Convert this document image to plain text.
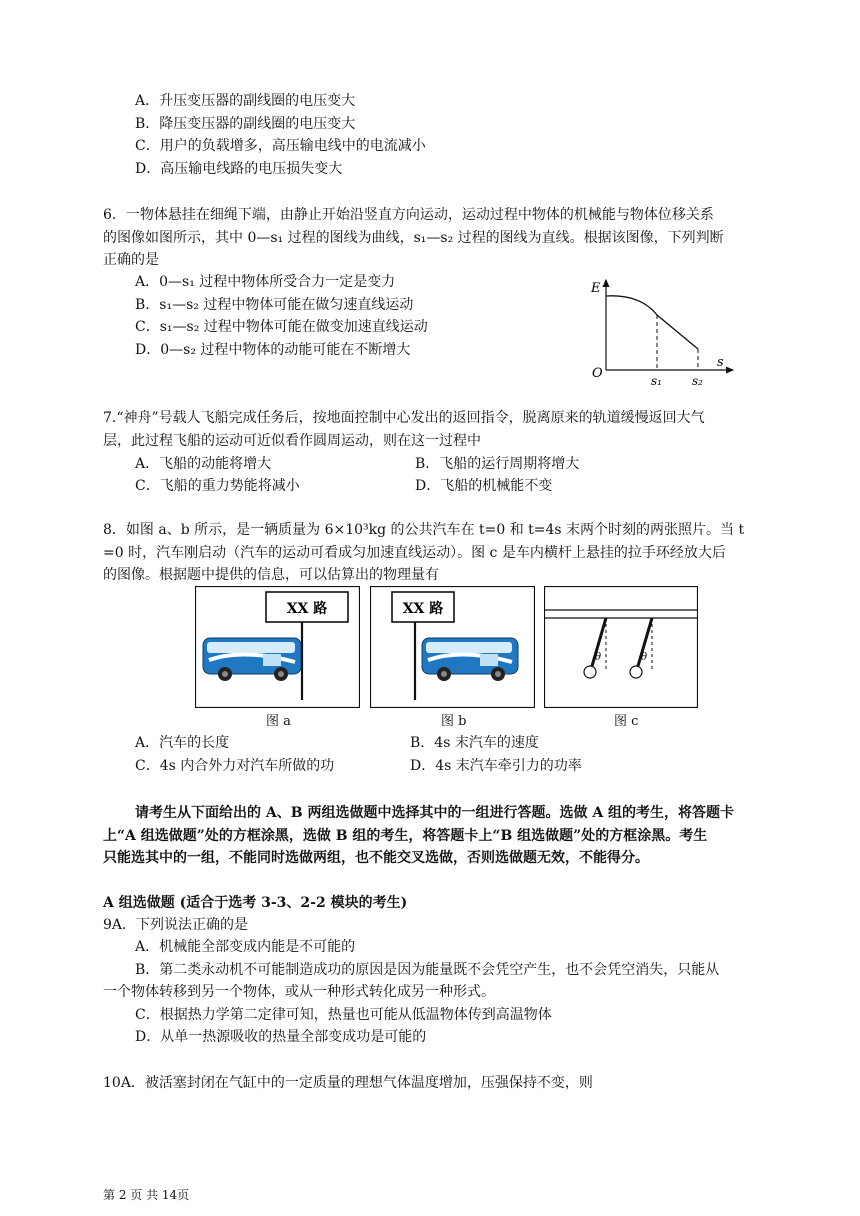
A．升压变压器的副线圈的电压变大
B．降压变压器的副线圈的电压变大
C．用户的负载增多，高压输电线中的电流减小
D．高压输电线路的电压损失变大
6．一物体悬挂在细绳下端，由静止开始沿竖直方向运动，运动过程中物体的机械能与物体位移关系
的图像如图所示，其中 0—s₁ 过程的图线为曲线，s₁—s₂ 过程的图线为直线。根据该图像，下列判断
正确的是
A．0—s₁ 过程中物体所受合力一定是变力
B．s₁—s₂ 过程中物体可能在做匀速直线运动
C．s₁—s₂ 过程中物体可能在做变加速直线运动
D．0—s₂ 过程中物体的动能可能在不断增大
E
s
O	s₁	s₂
7.“神舟”号载人飞船完成任务后，按地面控制中心发出的返回指令，脱离原来的轨道缓慢返回大气
层，此过程飞船的运动可近似看作圆周运动，则在这一过程中
A．飞船的动能将增大	B．飞船的运行周期将增大
C．飞船的重力势能将减小	D．飞船的机械能不变
8．如图 a、b 所示，是一辆质量为 6×10³kg 的公共汽车在 t=0 和 t=4s 末两个时刻的两张照片。当 t
=0 时，汽车刚启动（汽车的运动可看成匀加速直线运动）。图 c 是车内横杆上悬挂的拉手环经放大后
的图像。根据题中提供的信息，可以估算出的物理量有
XX 路	XX 路
θ	θ
图 a	图 b	图 c
A．汽车的长度	B．4s 末汽车的速度
C．4s 内合外力对汽车所做的功	D．4s 末汽车牵引力的功率
请考生从下面给出的 A、B 两组选做题中选择其中的一组进行答题。选做 A 组的考生，将答题卡
上“A 组选做题”处的方框涂黑，选做 B 组的考生，将答题卡上“B 组选做题”处的方框涂黑。考生
只能选其中的一组，不能同时选做两组，也不能交叉选做，否则选做题无效，不能得分。
A 组选做题 (适合于选考 3-3、2-2 模块的考生)
9A．下列说法正确的是
A．机械能全部变成内能是不可能的
B．第二类永动机不可能制造成功的原因是因为能量既不会凭空产生，也不会凭空消失，只能从
一个物体转移到另一个物体，或从一种形式转化成另一种形式。
C．根据热力学第二定律可知，热量也可能从低温物体传到高温物体
D．从单一热源吸收的热量全部变成功是可能的
10A．被活塞封闭在气缸中的一定质量的理想气体温度增加，压强保持不变，则
第 2 页 共 14页
